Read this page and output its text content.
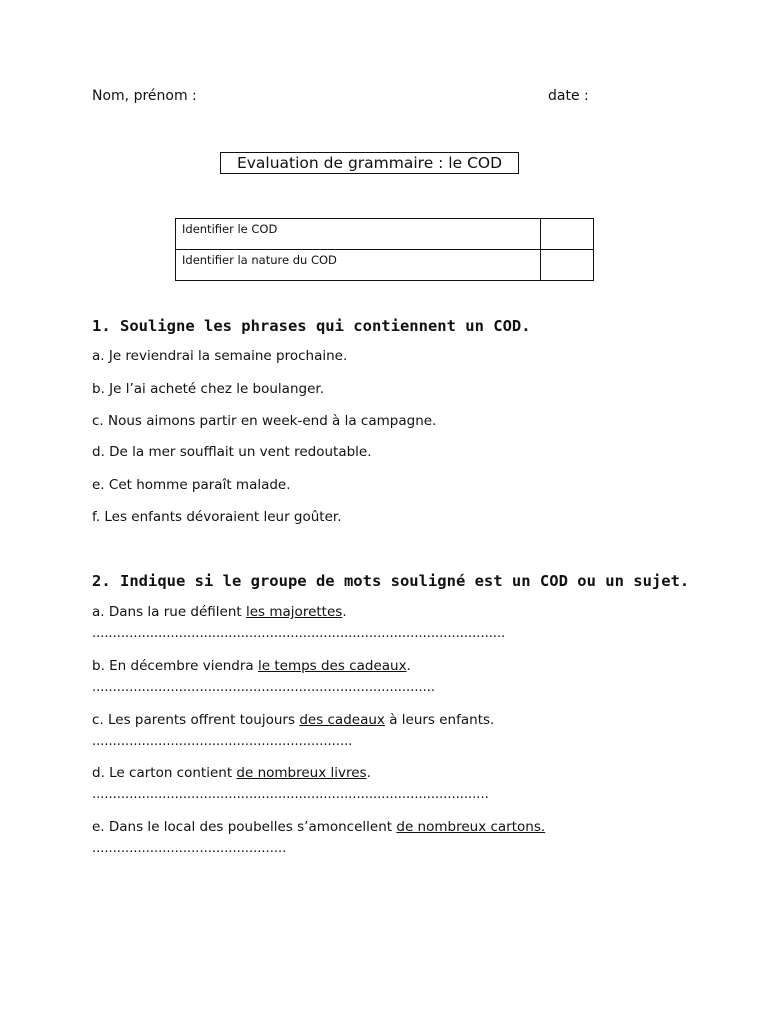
Nom, prénom :	date :
Evaluation de grammaire : le COD
Identifier le COD	
Identifier la nature du COD	
1. Souligne les phrases qui contiennent un COD.
a. Je reviendrai la semaine prochaine.
b. Je l’ai acheté chez le boulanger.
c. Nous aimons partir en week-end à la campagne.
d. De la mer soufflait un vent redoutable.
e. Cet homme paraît malade.
f. Les enfants dévoraient leur goûter.
2. Indique si le groupe de mots souligné est un COD ou un sujet.
a. Dans la rue défilent les majorettes.
....................................................................................................
b. En décembre viendra le temps des cadeaux.
...................................................................................
c. Les parents offrent toujours des cadeaux à leurs enfants.
...............................................................
d. Le carton contient de nombreux livres.
................................................................................................
e. Dans le local des poubelles s’amoncellent de nombreux cartons.
...............................................
